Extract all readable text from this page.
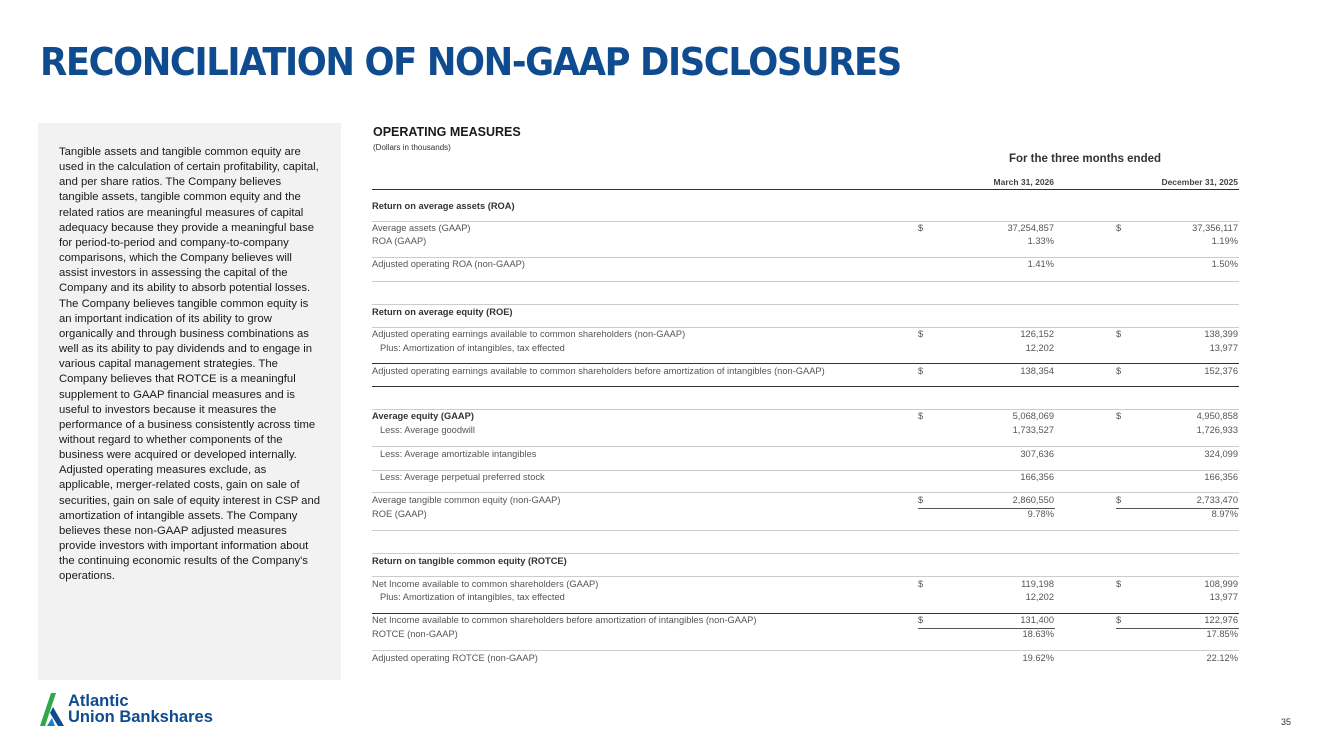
RECONCILIATION OF NON-GAAP DISCLOSURES

Tangible assets and tangible common equity are used in the calculation of certain profitability, capital, and per share ratios. The Company believes tangible assets, tangible common equity and the related ratios are meaningful measures of capital adequacy because they provide a meaningful base for period-to-period and company-to-company comparisons, which the Company believes will assist investors in assessing the capital of the Company and its ability to absorb potential losses. The Company believes tangible common equity is an important indication of its ability to grow organically and through business combinations as well as its ability to pay dividends and to engage in various capital management strategies. The Company believes that ROTCE is a meaningful supplement to GAAP financial measures and is useful to investors because it measures the performance of a business consistently across time without regard to whether components of the business were acquired or developed internally. Adjusted operating measures exclude, as applicable, merger-related costs, gain on sale of securities, gain on sale of equity interest in CSP and amortization of intangible assets. The Company believes these non-GAAP adjusted measures provide investors with important information about the continuing economic results of the Company's operations.

OPERATING MEASURES
(Dollars in thousands)
For the three months ended
March 31, 2026	December 31, 2025
Return on average assets (ROA)
Average assets (GAAP)	$	37,254,857	$	37,356,117
ROA (GAAP)	1.33%	1.19%
Adjusted operating ROA (non-GAAP)	1.41%	1.50%
Return on average equity (ROE)
Adjusted operating earnings available to common shareholders (non-GAAP)	$	126,152	$	138,399
Plus: Amortization of intangibles, tax effected	12,202	13,977
Adjusted operating earnings available to common shareholders before amortization of intangibles (non-GAAP)	$	138,354	$	152,376
Average equity (GAAP)	$	5,068,069	$	4,950,858
Less: Average goodwill	1,733,527	1,726,933
Less: Average amortizable intangibles	307,636	324,099
Less: Average perpetual preferred stock	166,356	166,356
Average tangible common equity (non-GAAP)	$	2,860,550	$	2,733,470
ROE (GAAP)	9.78%	8.97%
Return on tangible common equity (ROTCE)
Net Income available to common shareholders (GAAP)	$	119,198	$	108,999
Plus: Amortization of intangibles, tax effected	12,202	13,977
Net Income available to common shareholders before amortization of intangibles (non-GAAP)	$	131,400	$	122,976
ROTCE (non-GAAP)	18.63%	17.85%
Adjusted operating ROTCE (non-GAAP)	19.62%	22.12%
Atlantic
Union Bankshares	35
